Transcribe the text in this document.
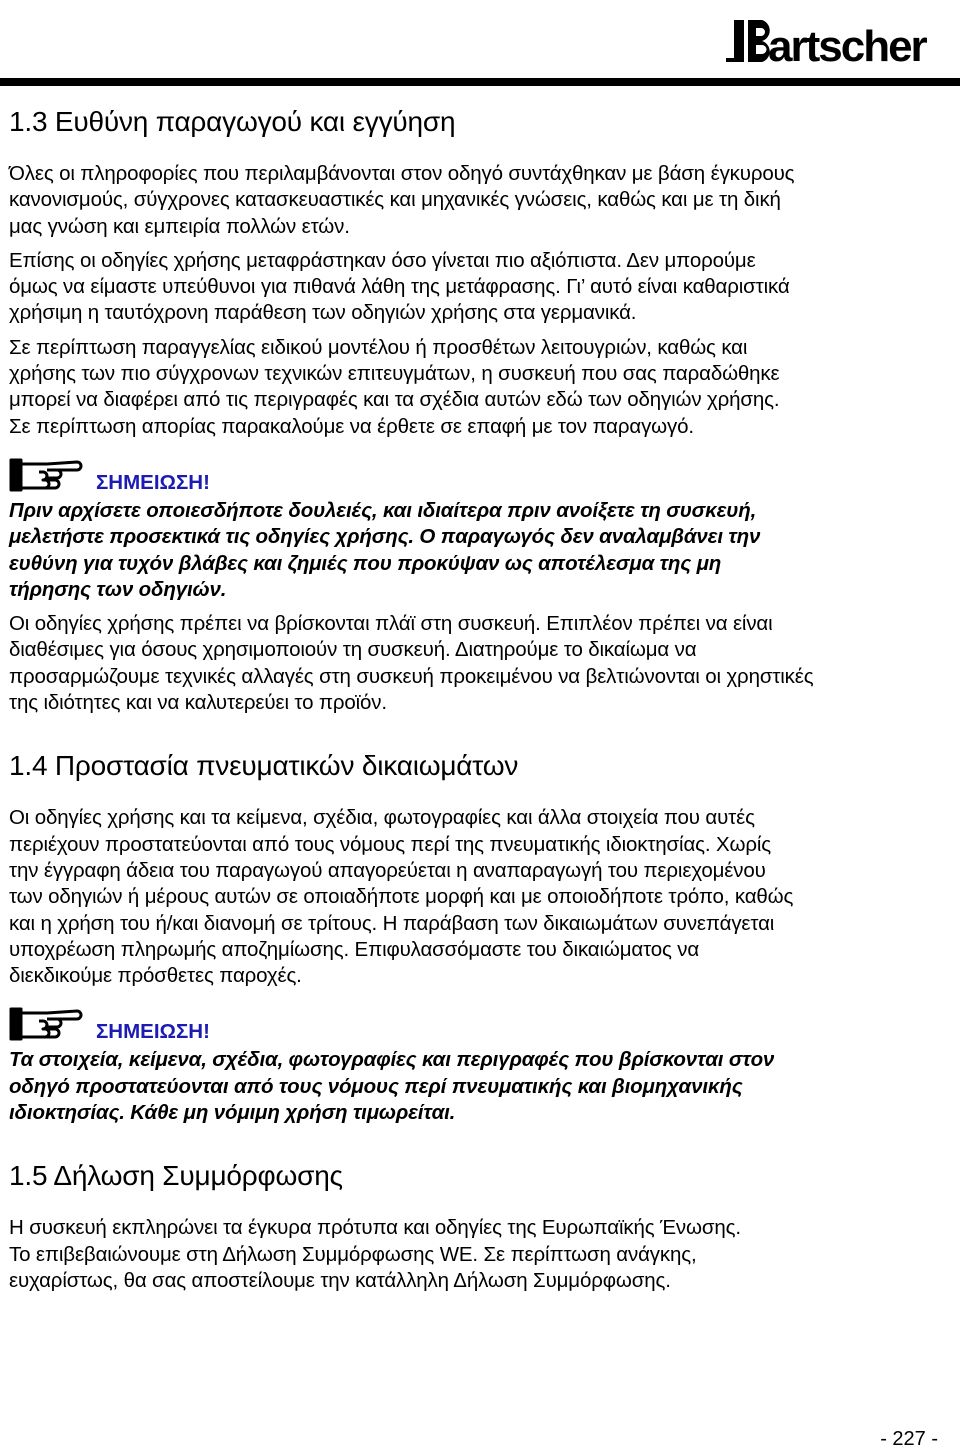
artscher
1.3 Ευθύνη παραγωγού και εγγύηση

Όλες οι πληροφορίες που περιλαμβάνονται στον οδηγό συντάχθηκαν με βάση έγκυρους
κανονισμούς, σύγχρονες κατασκευαστικές και μηχανικές γνώσεις, καθώς και με τη δική
μας γνώση και εμπειρία πολλών ετών.

Επίσης οι οδηγίες χρήσης μεταφράστηκαν όσο γίνεται πιο αξιόπιστα. Δεν μπορούμε
όμως να είμαστε υπεύθυνοι για πιθανά λάθη της μετάφρασης. Γι’ αυτό είναι καθαριστικά
χρήσιμη η ταυτόχρονη παράθεση των οδηγιών χρήσης στα γερμανικά.

Σε περίπτωση παραγγελίας ειδικού μοντέλου ή προσθέτων λειτουγριών, καθώς και
χρήσης των πιο σύγχρονων τεχνικών επιτευγμάτων, η συσκευή που σας παραδώθηκε
μπορεί να διαφέρει από τις περιγραφές και τα σχέδια αυτών εδώ των οδηγιών χρήσης.
Σε περίπτωση απορίας παρακαλούμε να έρθετε σε επαφή με τον παραγωγό.

ΣΗΜΕΙΩΣΗ!

Πριν αρχίσετε οποιεσδήποτε δουλειές, και ιδιαίτερα πριν ανοίξετε τη συσκευή,
μελετήστε προσεκτικά τις οδηγίες χρήσης. Ο παραγωγός δεν αναλαμβάνει την
ευθύνη για τυχόν βλάβες και ζημιές που προκύψαν ως αποτέλεσμα της μη
τήρησης των οδηγιών.

Οι οδηγίες χρήσης πρέπει να βρίσκονται πλάϊ στη συσκευή. Επιπλέον πρέπει να είναι
διαθέσιμες για όσους χρησιμοποιούν τη συσκευή. Διατηρούμε το δικαίωμα να
προσαρμώζουμε τεχνικές αλλαγές στη συσκευή προκειμένου να βελτιώνονται οι χρηστικές
της ιδιότητες και να καλυτερεύει το προϊόν.

1.4 Προστασία πνευματικών δικαιωμάτων

Οι οδηγίες χρήσης και τα κείμενα, σχέδια, φωτογραφίες και άλλα στοιχεία που αυτές
περιέχουν προστατεύονται από τους νόμους περί της πνευματικής ιδιοκτησίας. Χωρίς
την έγγραφη άδεια του παραγωγού απαγορεύεται η αναπαραγωγή του περιεχομένου
των οδηγιών ή μέρους αυτών σε οποιαδήποτε μορφή και με οποιοδήποτε τρόπο, καθώς
και η χρήση του ή/και διανομή σε τρίτους. Η παράβαση των δικαιωμάτων συνεπάγεται
υποχρέωση πληρωμής αποζημίωσης. Επιφυλασσόμαστε του δικαιώματος να
διεκδικούμε πρόσθετες παροχές.

ΣΗΜΕΙΩΣΗ!

Τα στοιχεία, κείμενα, σχέδια, φωτογραφίες και περιγραφές που βρίσκονται στον
οδηγό προστατεύονται από τους νόμους περί πνευματικής και βιομηχανικής
ιδιοκτησίας. Κάθε μη νόμιμη χρήση τιμωρείται.

1.5 Δήλωση Συμμόρφωσης

Η συσκευή εκπληρώνει τα έγκυρα πρότυπα και οδηγίες της Ευρωπαϊκής Ένωσης.
Το επιβεβαιώνουμε στη Δήλωση Συμμόρφωσης WE. Σε περίπτωση ανάγκης,
ευχαρίστως, θα σας αποστείλουμε την κατάλληλη Δήλωση Συμμόρφωσης.

- 227 -
